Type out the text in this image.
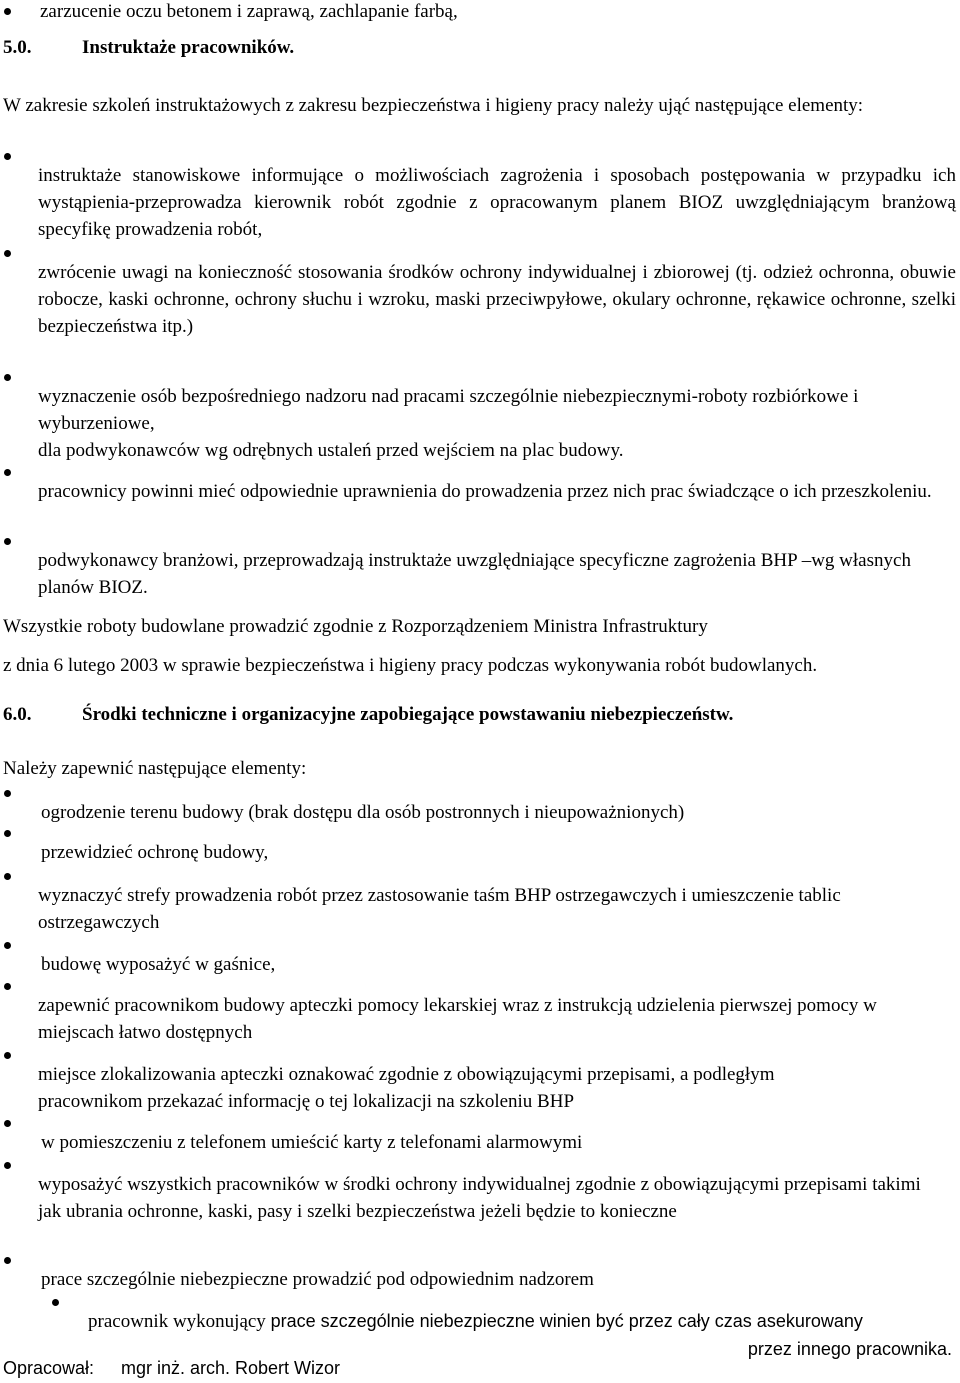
zarzucenie oczu betonem i zaprawą, zachlapanie farbą,

5.0.	Instruktaże pracowników.

W zakresie szkoleń instruktażowych z zakresu bezpieczeństwa i higieny pracy należy ująć następujące elementy:

instruktaże stanowiskowe informujące o możliwościach zagrożenia i sposobach postępowania w przypadku ich wystąpienia-przeprowadza kierownik robót zgodnie z opracowanym planem BIOZ uwzględniającym branżową specyfikę prowadzenia robót,

zwrócenie uwagi na konieczność stosowania środków ochrony indywidualnej i zbiorowej (tj. odzież ochronna, obuwie robocze, kaski ochronne, ochrony słuchu i wzroku, maski przeciwpyłowe, okulary ochronne, rękawice ochronne, szelki bezpieczeństwa itp.)

wyznaczenie osób bezpośredniego nadzoru nad pracami szczególnie niebezpiecznymi-roboty rozbiórkowe i wyburzeniowe,

dla podwykonawców wg odrębnych ustaleń przed wejściem na plac budowy.

pracownicy powinni mieć odpowiednie uprawnienia do prowadzenia przez nich prac świadczące o ich przeszkoleniu.

podwykonawcy branżowi, przeprowadzają instruktaże uwzględniające specyficzne zagrożenia BHP –wg własnych planów BIOZ.

Wszystkie roboty budowlane prowadzić zgodnie z Rozporządzeniem Ministra Infrastruktury

z dnia 6 lutego 2003 w sprawie bezpieczeństwa i higieny pracy podczas wykonywania robót budowlanych.

6.0.	Środki techniczne i organizacyjne zapobiegające powstawaniu niebezpieczeństw.

Należy zapewnić następujące elementy:

ogrodzenie terenu budowy (brak dostępu dla osób postronnych i nieupoważnionych)

przewidzieć ochronę budowy,

wyznaczyć strefy prowadzenia robót przez zastosowanie taśm BHP ostrzegawczych i umieszczenie tablic ostrzegawczych

budowę wyposażyć w gaśnice,

zapewnić pracownikom budowy apteczki pomocy lekarskiej wraz z instrukcją udzielenia pierwszej pomocy w miejscach łatwo dostępnych

miejsce zlokalizowania apteczki oznakować zgodnie z obowiązującymi przepisami, a podległym pracownikom przekazać informację o tej lokalizacji na szkoleniu BHP

w pomieszczeniu z telefonem umieścić karty z telefonami alarmowymi

wyposażyć wszystkich pracowników w środki ochrony indywidualnej zgodnie z obowiązującymi przepisami takimi jak ubrania ochronne, kaski, pasy i szelki bezpieczeństwa jeżeli będzie to konieczne

prace szczególnie niebezpieczne prowadzić pod odpowiednim nadzorem

pracownik wykonujący prace szczególnie niebezpieczne winien być przez cały czas asekurowany

przez innego pracownika.

Opracował: mgr inż. arch. Robert Wizor
